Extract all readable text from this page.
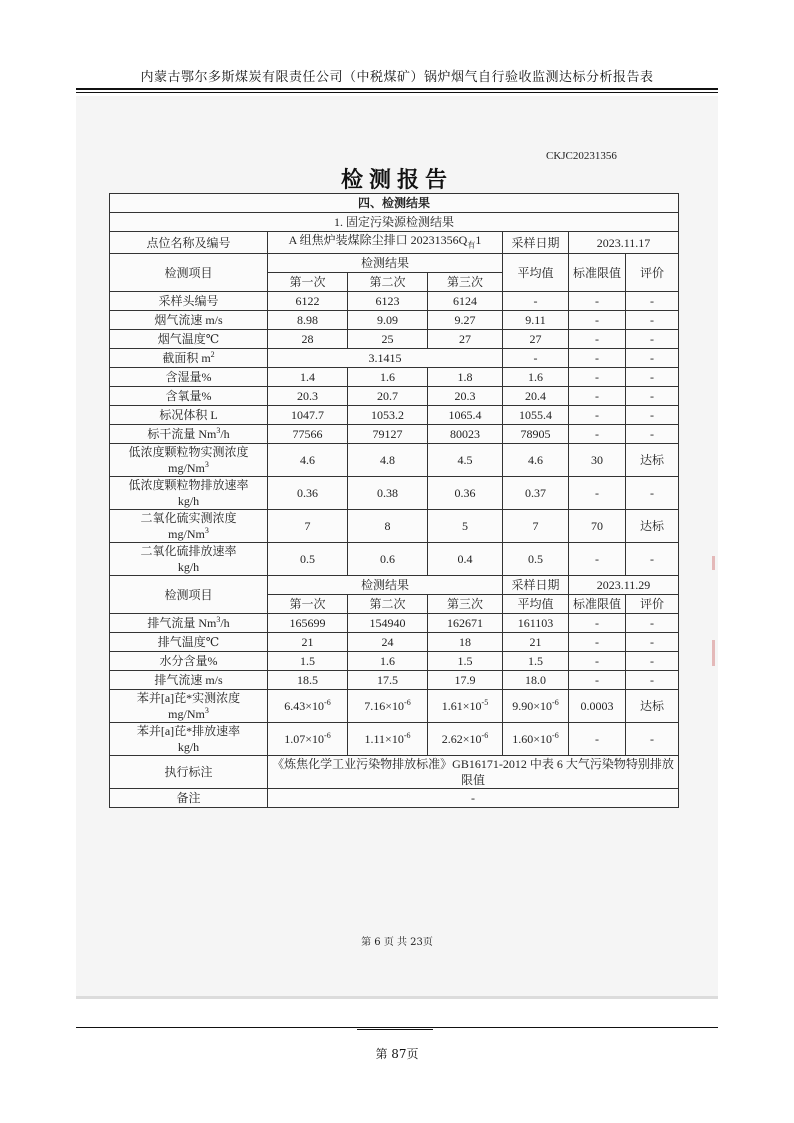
内蒙古鄂尔多斯煤炭有限责任公司（中税煤矿）锅炉烟气自行验收监测达标分析报告表
CKJC20231356
检测报告
四、检测结果						
1. 固定污染源检测结果						
点位名称及编号	A 组焦炉装煤除尘排口 $20231356Q_有1$			采样日期	2023.11.17	
检测项目	检测结果			平均值	标准限值	评价
	第一次	第二次	第三次			
采样头编号	6122	6123	6124	-	-	-
烟气流速 m/s	8.98	9.09	9.27	9.11	-	-
烟气温度℃	28	25	27	27	-	-
截面积 $m^2$	3.1415			-	-	-
含湿量%	1.4	1.6	1.8	1.6	-	-
含氧量%	20.3	20.7	20.3	20.4	-	-
标况体积 L	1047.7	1053.2	1065.4	1055.4	-	-
标干流量 Nm$^3$/h	77566	79127	80023	78905	-	-
低浓度颗粒物实测浓度
mg/Nm$^3$	4.6	4.8	4.5	4.6	30	达标
低浓度颗粒物排放速率
kg/h	0.36	0.38	0.36	0.37	-	-
二氧化硫实测浓度
mg/Nm$^3$	7	8	5	7	70	达标
二氧化硫排放速率
kg/h	0.5	0.6	0.4	0.5	-	-
检测项目	检测结果			采样日期	2023.11.29	
	第一次	第二次	第三次	平均值	标准限值	评价
排气流量 Nm$^3$/h	165699	154940	162671	161103	-	-
排气温度℃	21	24	18	21	-	-
水分含量%	1.5	1.6	1.5	1.5	-	-
排气流速 m/s	18.5	17.5	17.9	18.0	-	-
苯并[a]芘*实测浓度
mg/Nm$^3$	$6.43\times 10^{-6}$	$7.16\times 10^{-6}$	$1.61\times 10^{-5}$	$9.90\times 10^{-6}$	0.0003	达标
苯并[a]芘*排放速率
kg/h	$1.07\times 10^{-6}$	$1.11\times 10^{-6}$	$2.62\times 10^{-6}$	$1.60\times 10^{-6}$	-	-
执行标注	《炼焦化学工业污染物排放标准》GB16171-2012 中表 6 大气污染物特别排放限值					
备注	-					
第 6 页 共 23页
第 87页
